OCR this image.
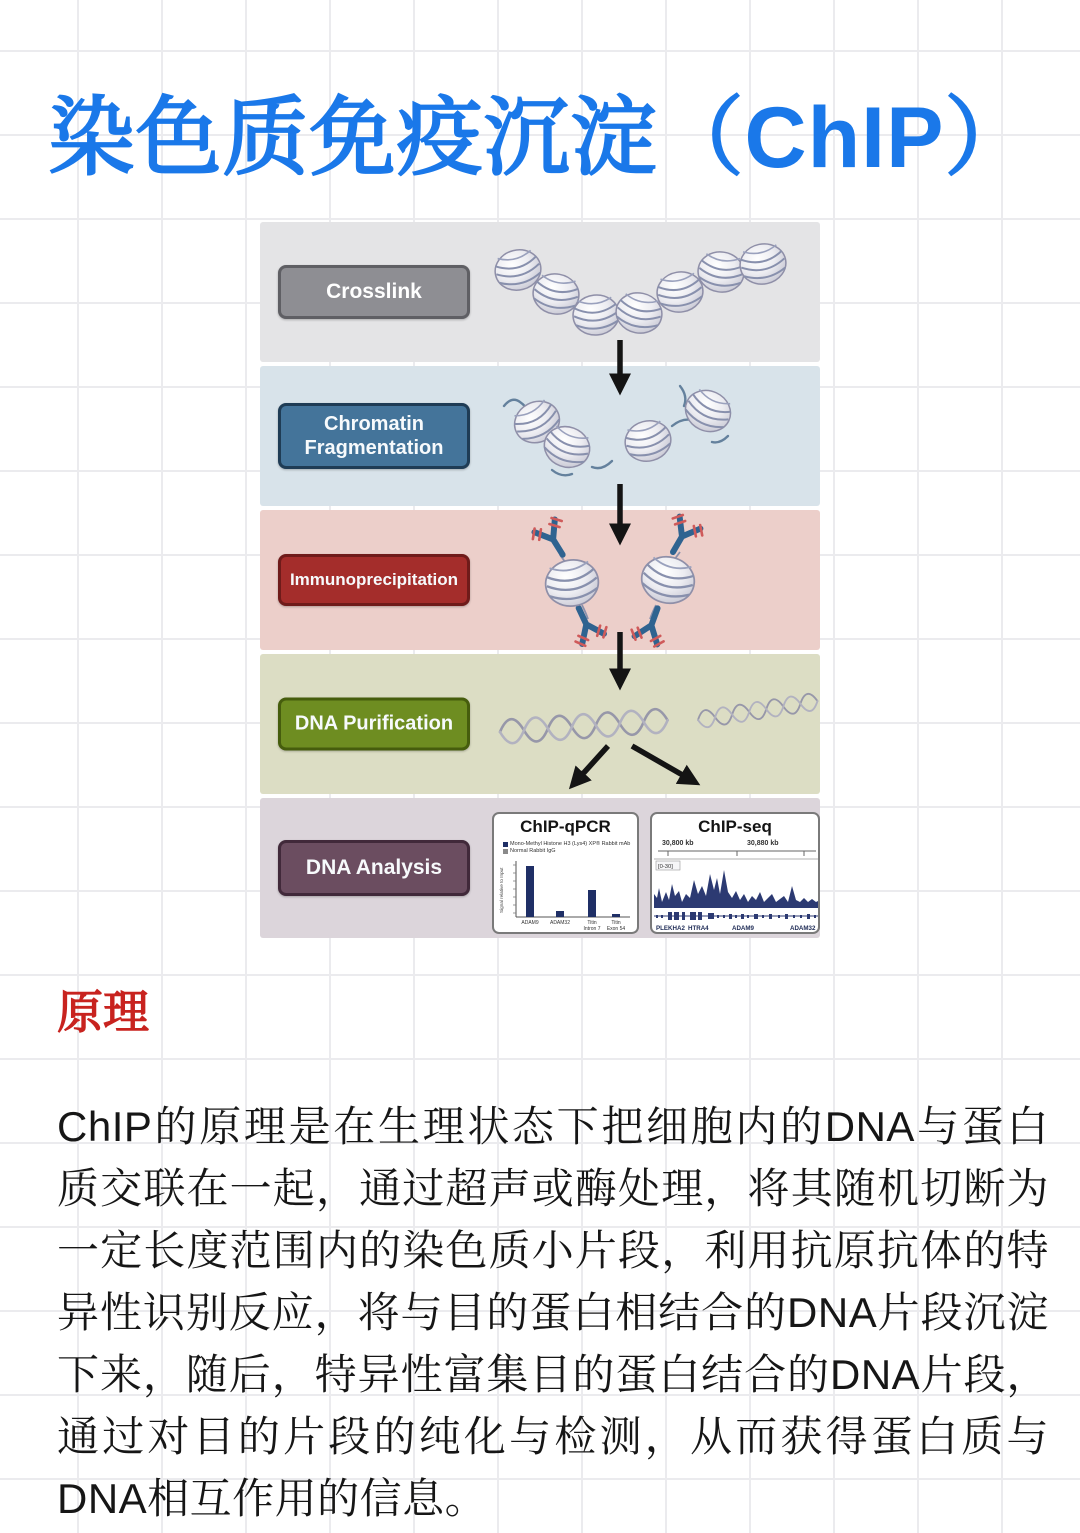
染色质免疫沉淀（ChIP）
Crosslink
Chromatin Fragmentation
Immunoprecipitation
DNA Purification
DNA Analysis
ChIP-qPCR
Mono-Methyl Histone H3 (Lys4) XP® Rabbit mAb
Normal Rabbit IgG
Signal relative to Input
ADAM9 ADAM32	Titin
Intron 7
Titin
Exon 54
ChIP-seq
30,800 kb	30,880 kb
[0-30]
PLEKHA2 HTRA4	ADAM9	ADAM32
原理
ChIP的原理是在生理状态下把细胞内的DNA与蛋白质交联在一起，通过超声或酶处理，将其随机切断为一定长度范围内的染色质小片段，利用抗原抗体的特异性识别反应，将与目的蛋白相结合的DNA片段沉淀下来，随后，特异性富集目的蛋白结合的DNA片段，通过对目的片段的纯化与检测，从而获得蛋白质与DNA相互作用的信息。
